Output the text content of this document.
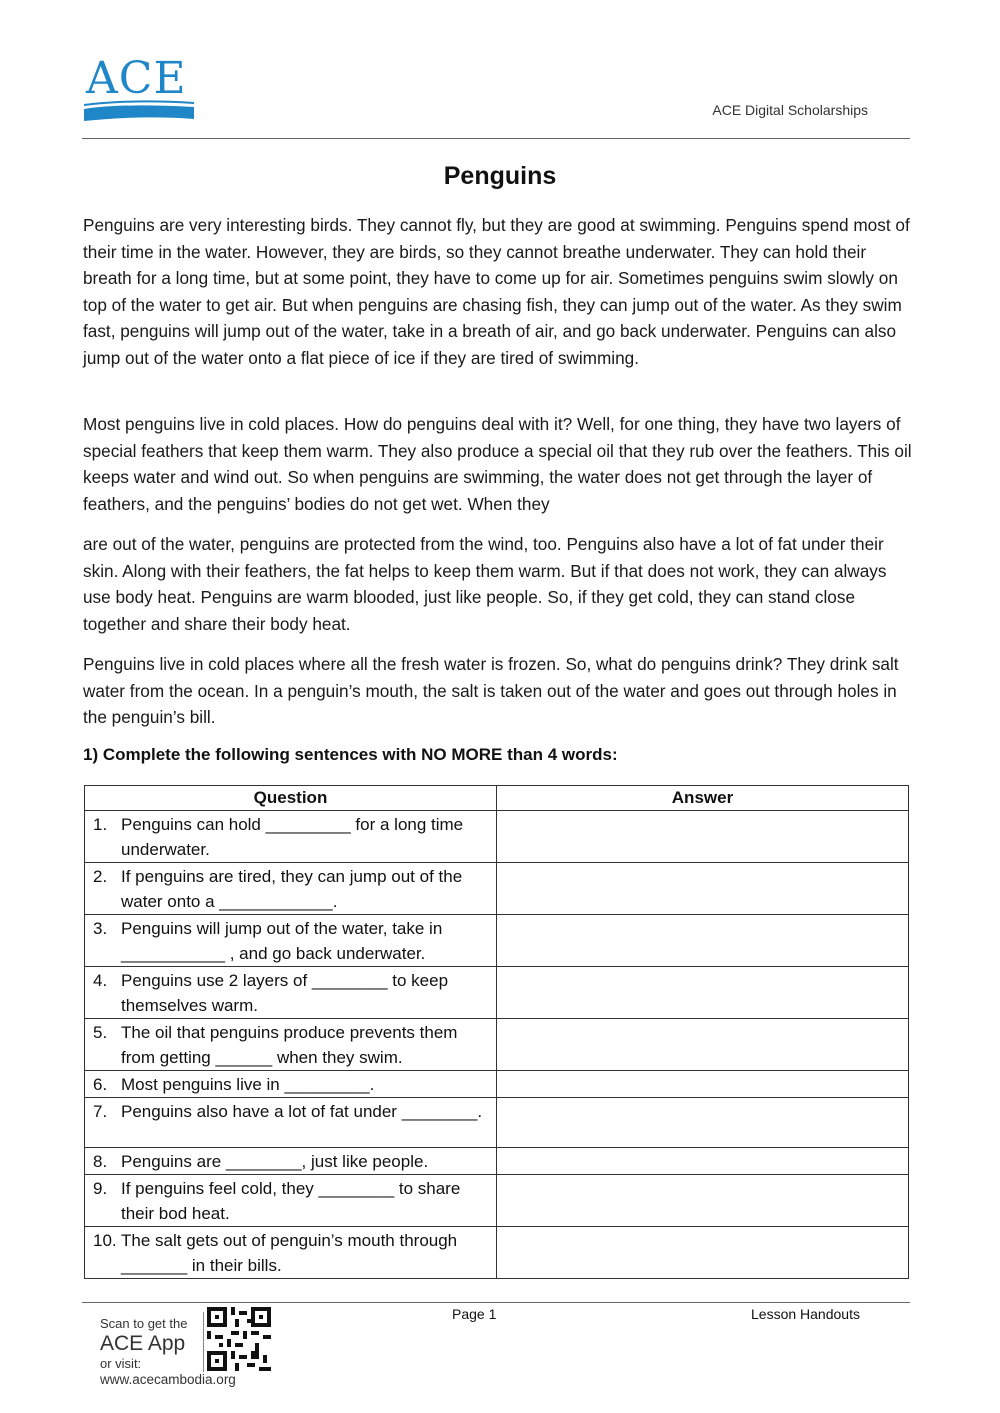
ACE
ACE Digital Scholarships
Penguins
Penguins are very interesting birds. They cannot fly, but they are good at swimming. Penguins spend most of their time in the water. However, they are birds, so they cannot breathe underwater. They can hold their breath for a long time, but at some point, they have to come up for air. Sometimes penguins swim slowly on top of the water to get air. But when penguins are chasing fish, they can jump out of the water. As they swim fast, penguins will jump out of the water, take in a breath of air, and go back underwater. Penguins can also jump out of the water onto a flat piece of ice if they are tired of swimming.
Most penguins live in cold places. How do penguins deal with it? Well, for one thing, they have two layers of special feathers that keep them warm. They also produce a special oil that they rub over the feathers. This oil keeps water and wind out. So when penguins are swimming, the water does not get through the layer of feathers, and the penguins’ bodies do not get wet. When they
are out of the water, penguins are protected from the wind, too. Penguins also have a lot of fat under their skin. Along with their feathers, the fat helps to keep them warm. But if that does not work, they can always use body heat. Penguins are warm blooded, just like people. So, if they get cold, they can stand close together and share their body heat.
Penguins live in cold places where all the fresh water is frozen. So, what do penguins drink? They drink salt water from the ocean. In a penguin’s mouth, the salt is taken out of the water and goes out through holes in the penguin’s bill.
1) Complete the following sentences with NO MORE than 4 words:
Question	Answer

1. Penguins can hold _________ for a long time underwater.	

2. If penguins are tired, they can jump out of the water onto a ____________.	

3. Penguins will jump out of the water, take in ___________ , and go back underwater.	

4. Penguins use 2 layers of ________ to keep themselves warm.	

5. The oil that penguins produce prevents them from getting ______ when they swim.	

6. Most penguins live in _________.	

7. Penguins also have a lot of fat under ________.	

8. Penguins are ________, just like people.	

9. If penguins feel cold, they ________ to share their bod heat.	

10. The salt gets out of penguin’s mouth through _______ in their bills.	

Page 1	Lesson Handouts
Scan to get the
ACE App
or visit:
www.acecambodia.org
